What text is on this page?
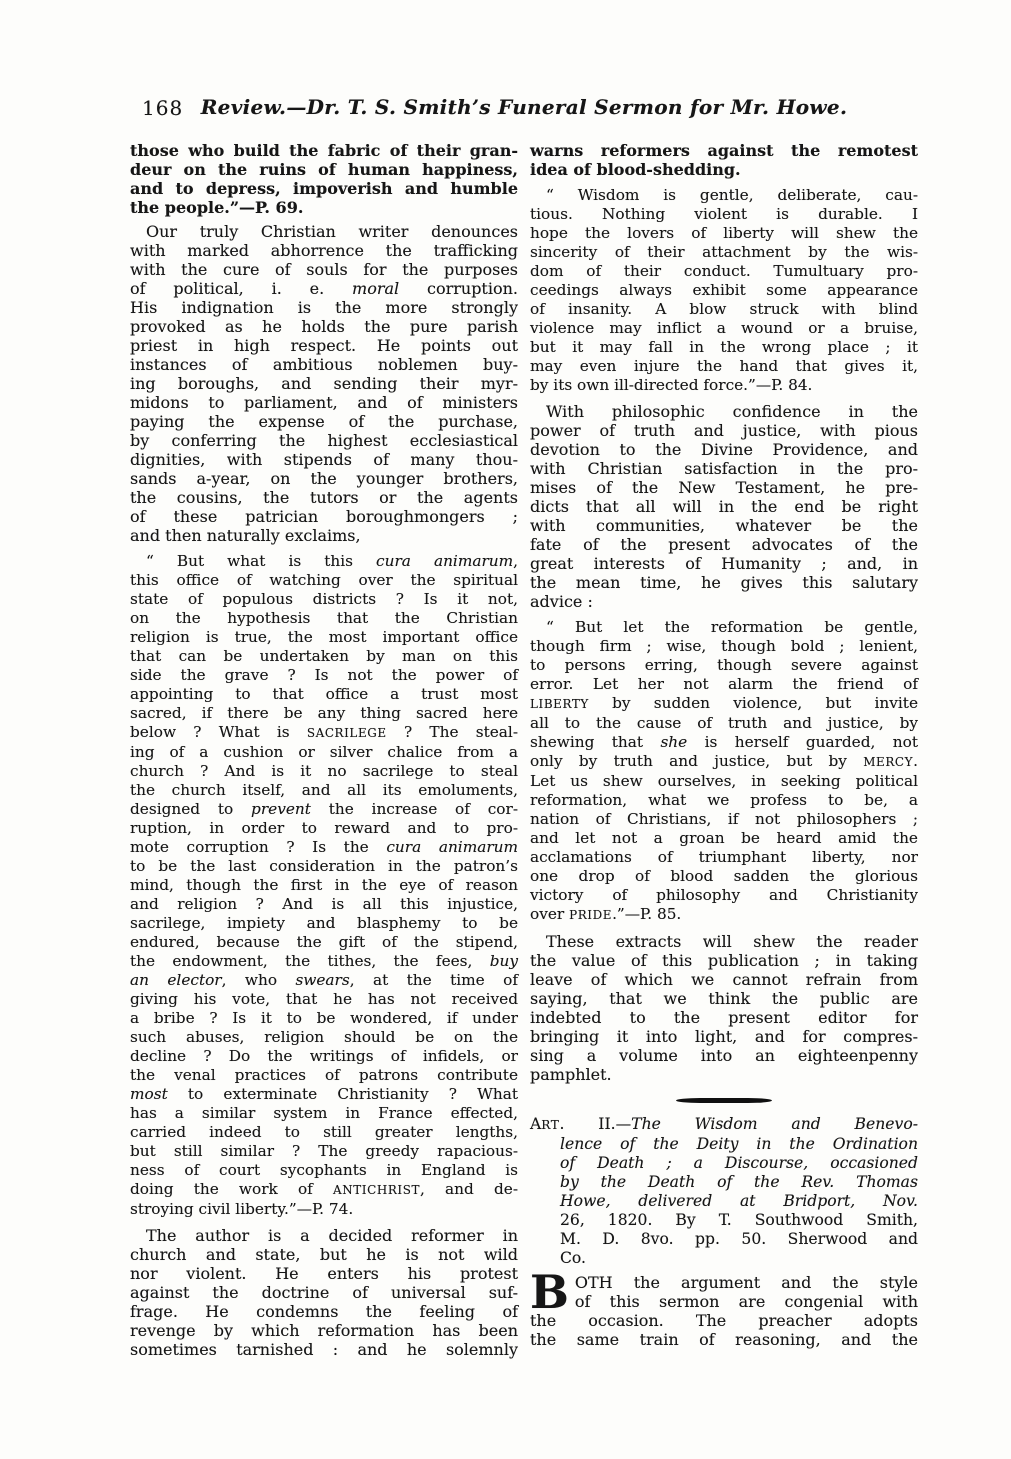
168 Review.—Dr. T. S. Smith’s Funeral Sermon for Mr. Howe.
those who build the fabric of their gran-
deur on the ruins of human happiness,
and to depress, impoverish and humble
the people.”—P. 69.
Our truly Christian writer denounces
with marked abhorrence the trafficking
with the cure of souls for the purposes
of political, i. e. moral corruption.
His indignation is the more strongly
provoked as he holds the pure parish
priest in high respect. He points out
instances of ambitious noblemen buy-
ing boroughs, and sending their myr-
midons to parliament, and of ministers
paying the expense of the purchase,
by conferring the highest ecclesiastical
dignities, with stipends of many thou-
sands a-year, on the younger brothers,
the cousins, the tutors or the agents
of these patrician boroughmongers ;
and then naturally exclaims,
“ But what is this cura animarum,
this office of watching over the spiritual
state of populous districts ? Is it not,
on the hypothesis that the Christian
religion is true, the most important office
that can be undertaken by man on this
side the grave ? Is not the power of
appointing to that office a trust most
sacred, if there be any thing sacred here
below ? What is SACRILEGE ? The steal-
ing of a cushion or silver chalice from a
church ? And is it no sacrilege to steal
the church itself, and all its emoluments,
designed to prevent the increase of cor-
ruption, in order to reward and to pro-
mote corruption ? Is the cura animarum
to be the last consideration in the patron’s
mind, though the first in the eye of reason
and religion ? And is all this injustice,
sacrilege, impiety and blasphemy to be
endured, because the gift of the stipend,
the endowment, the tithes, the fees, buy
an elector, who swears, at the time of
giving his vote, that he has not received
a bribe ? Is it to be wondered, if under
such abuses, religion should be on the
decline ? Do the writings of infidels, or
the venal practices of patrons contribute
most to exterminate Christianity ? What
has a similar system in France effected,
carried indeed to still greater lengths,
but still similar ? The greedy rapacious-
ness of court sycophants in England is
doing the work of ANTICHRIST, and de-
stroying civil liberty.”—P. 74.
The author is a decided reformer in
church and state, but he is not wild
nor violent. He enters his protest
against the doctrine of universal suf-
frage. He condemns the feeling of
revenge by which reformation has been
sometimes tarnished : and he solemnly
warns reformers against the remotest
idea of blood-shedding.
“ Wisdom is gentle, deliberate, cau-
tious. Nothing violent is durable. I
hope the lovers of liberty will shew the
sincerity of their attachment by the wis-
dom of their conduct. Tumultuary pro-
ceedings always exhibit some appearance
of insanity. A blow struck with blind
violence may inflict a wound or a bruise,
but it may fall in the wrong place ; it
may even injure the hand that gives it,
by its own ill-directed force.”—P. 84.
With philosophic confidence in the
power of truth and justice, with pious
devotion to the Divine Providence, and
with Christian satisfaction in the pro-
mises of the New Testament, he pre-
dicts that all will in the end be right
with communities, whatever be the
fate of the present advocates of the
great interests of Humanity ; and, in
the mean time, he gives this salutary
advice :
“ But let the reformation be gentle,
though firm ; wise, though bold ; lenient,
to persons erring, though severe against
error. Let her not alarm the friend of
LIBERTY by sudden violence, but invite
all to the cause of truth and justice, by
shewing that she is herself guarded, not
only by truth and justice, but by MERCY.
Let us shew ourselves, in seeking political
reformation, what we profess to be, a
nation of Christians, if not philosophers ;
and let not a groan be heard amid the
acclamations of triumphant liberty, nor
one drop of blood sadden the glorious
victory of philosophy and Christianity
over PRIDE.”—P. 85.
These extracts will shew the reader
the value of this publication ; in taking
leave of which we cannot refrain from
saying, that we think the public are
indebted to the present editor for
bringing it into light, and for compres-
sing a volume into an eighteenpenny
pamphlet.
ART. II.—The Wisdom and Benevo-
lence of the Deity in the Ordination
of Death ; a Discourse, occasioned
by the Death of the Rev. Thomas
Howe, delivered at Bridport, Nov.
26, 1820. By T. Southwood Smith,
M. D. 8vo. pp. 50. Sherwood and
Co.
B OTH the argument and the style
of this sermon are congenial with
the occasion. The preacher adopts
the same train of reasoning, and the
